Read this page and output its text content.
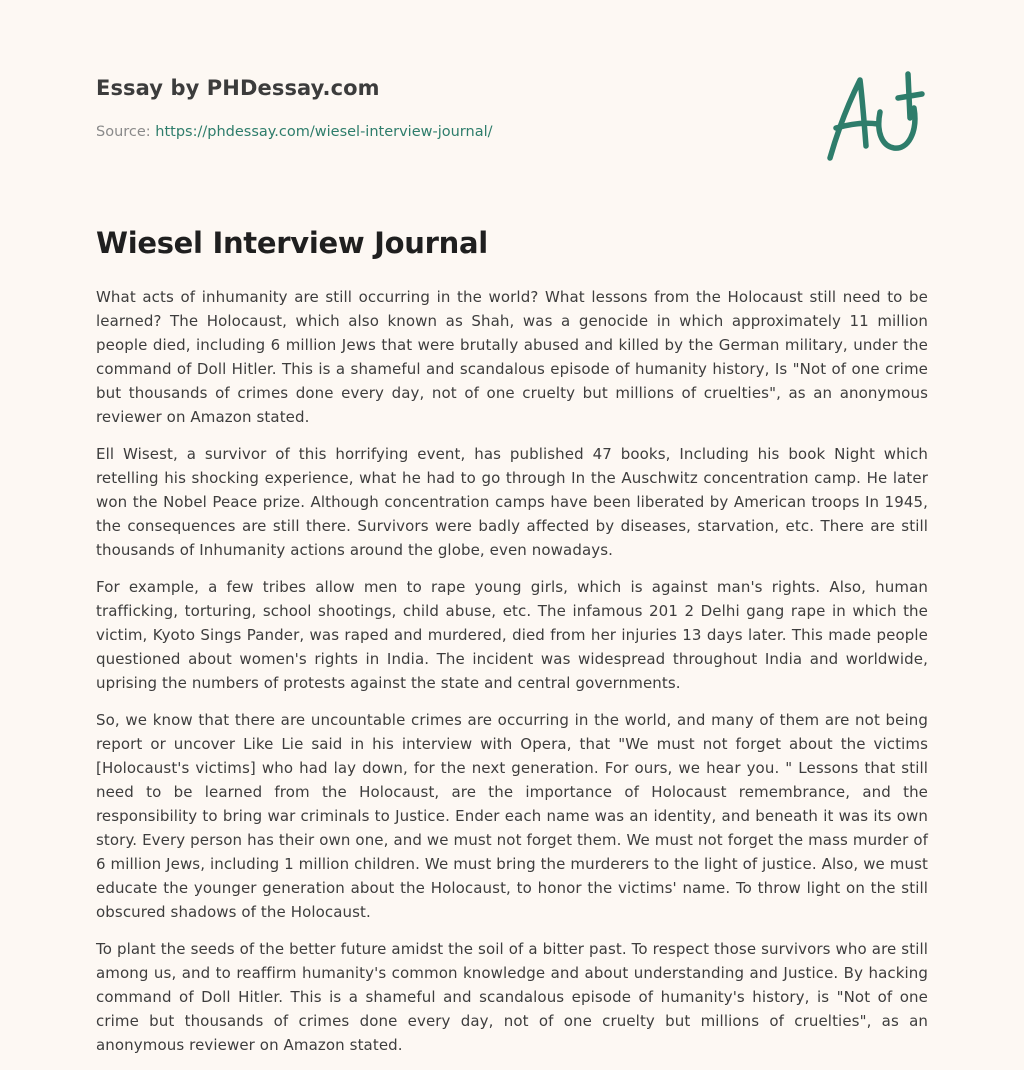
Essay by PHDessay.com
Source: https://phdessay.com/wiesel-interview-journal/
Wiesel Interview Journal

What acts of inhumanity are still occurring in the world? What lessons from the Holocaust still need to be learned? The Holocaust, which also known as Shah, was a genocide in which approximately 11 million people died, including 6 million Jews that were brutally abused and killed by the German military, under the command of Doll Hitler. This is a shameful and scandalous episode of humanity history, Is "Not of one crime but thousands of crimes done every day, not of one cruelty but millions of cruelties", as an anonymous reviewer on Amazon stated.

Ell Wisest, a survivor of this horrifying event, has published 47 books, Including his book Night which retelling his shocking experience, what he had to go through In the Auschwitz concentration camp. He later won the Nobel Peace prize. Although concentration camps have been liberated by American troops In 1945, the consequences are still there. Survivors were badly affected by diseases, starvation, etc. There are still thousands of Inhumanity actions around the globe, even nowadays.

For example, a few tribes allow men to rape young girls, which is against man's rights. Also, human trafficking, torturing, school shootings, child abuse, etc. The infamous 201 2 Delhi gang rape in which the victim, Kyoto Sings Pander, was raped and murdered, died from her injuries 13 days later. This made people questioned about women's rights in India. The incident was widespread throughout India and worldwide, uprising the numbers of protests against the state and central governments.

So, we know that there are uncountable crimes are occurring in the world, and many of them are not being report or uncover Like Lie said in his interview with Opera, that "We must not forget about the victims [Holocaust's victims] who had lay down, for the next generation. For ours, we hear you. " Lessons that still need to be learned from the Holocaust, are the importance of Holocaust remembrance, and the responsibility to bring war criminals to Justice. Ender each name was an identity, and beneath it was its own story. Every person has their own one, and we must not forget them. We must not forget the mass murder of 6 million Jews, including 1 million children. We must bring the murderers to the light of justice. Also, we must educate the younger generation about the Holocaust, to honor the victims' name. To throw light on the still obscured shadows of the Holocaust.

To plant the seeds of the better future amidst the soil of a bitter past. To respect those survivors who are still among us, and to reaffirm humanity's common knowledge and about understanding and Justice. By hacking command of Doll Hitler. This is a shameful and scandalous episode of humanity's history, is "Not of one crime but thousands of crimes done every day, not of one cruelty but millions of cruelties", as an anonymous reviewer on Amazon stated.
